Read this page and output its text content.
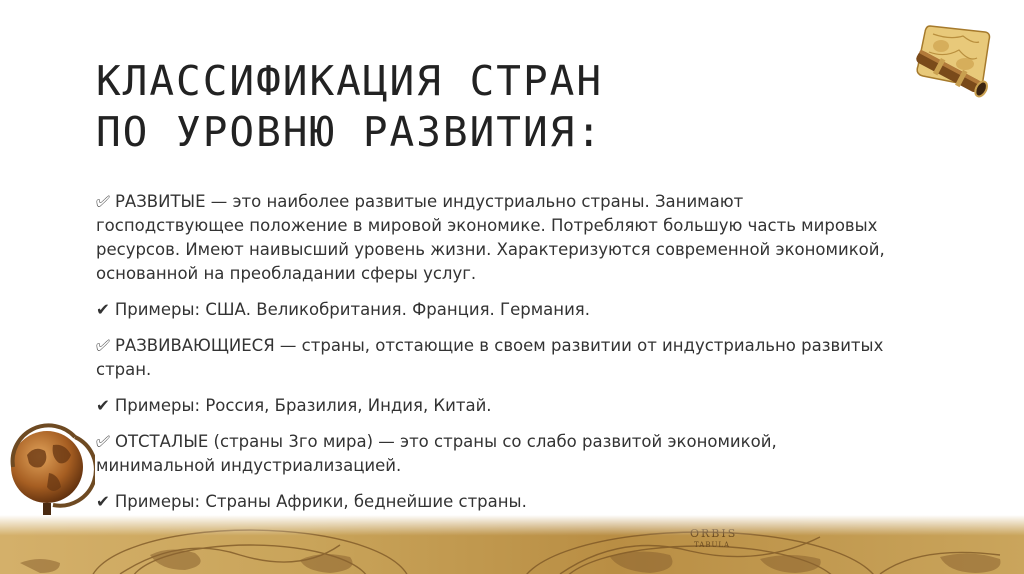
КЛАССИФИКАЦИЯ СТРАН
ПО УРОВНЮ РАЗВИТИЯ:

✅︎ РАЗВИТЫЕ — это наиболее развитые индустриально страны. Занимают господствующее положение в мировой экономике. Потребляют большую часть мировых ресурсов. Имеют наивысший уровень жизни. Характеризуются современной экономикой, основанной на преобладании сферы услуг.

✔ Примеры: США. Великобритания. Франция. Германия.

✅︎ РАЗВИВАЮЩИЕСЯ — страны, отстающие в своем развитии от индустриально развитых стран.

✔ Примеры: Россия, Бразилия, Индия, Китай.

✅︎ ОТСТАЛЫЕ (страны 3го мира) — это страны со слабо развитой экономикой, минимальной индустриализацией.

✔ Примеры: Страны Африки, беднейшие страны.
